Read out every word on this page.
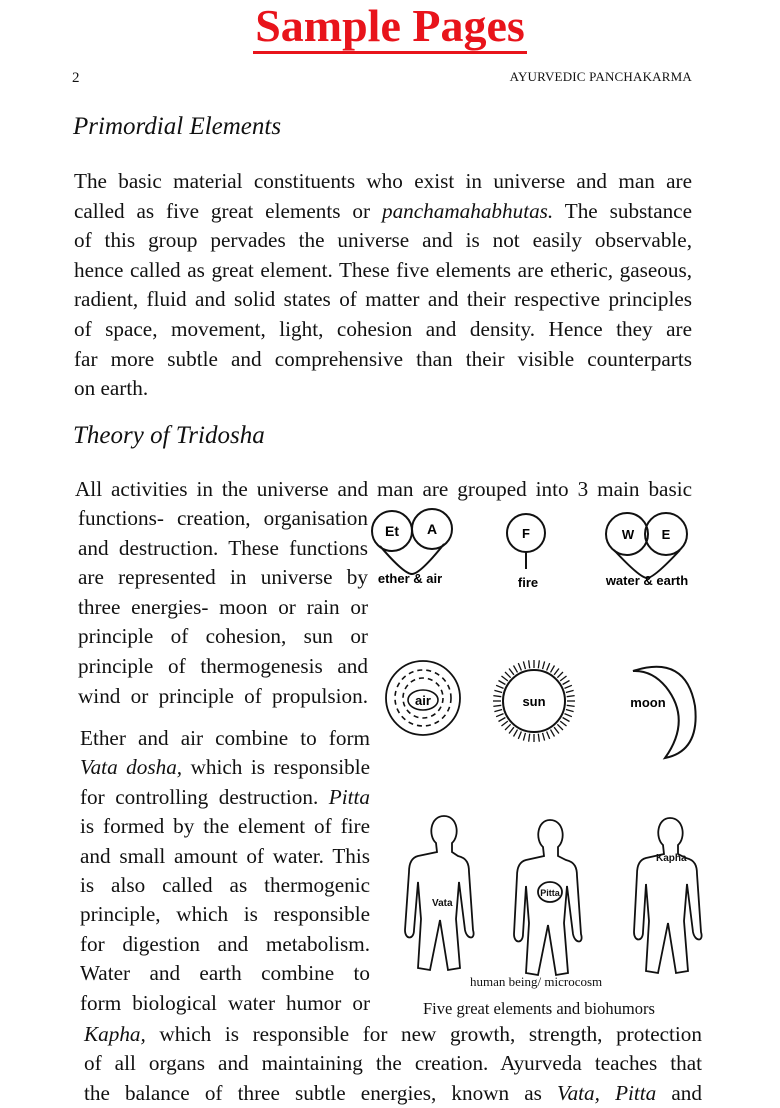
Sample Pages
2	AYURVEDIC PANCHAKARMA
Primordial Elements
The basic material constituents who exist in universe and man are
called as five great elements or panchamahabhutas. The substance
of this group pervades the universe and is not easily observable,
hence called as great element. These five elements are etheric, gaseous,
radient, fluid and solid states of matter and their respective principles
of space, movement, light, cohesion and density. Hence they are
far more subtle and comprehensive than their visible counterparts
on earth.
Theory of Tridosha
All activities in the universe and man are grouped into 3 main basic
functions- creation, organisation
and destruction. These functions
are represented in universe by
three energies- moon or rain or
principle of cohesion, sun or
principle of thermogenesis and
wind or principle of propulsion.
Ether and air combine to form
Vata dosha, which is responsible
for controlling destruction. Pitta
is formed by the element of fire
and small amount of water. This
is also called as thermogenic
principle, which is responsible
for digestion and metabolism.
Water and earth combine to
form biological water humor or
Kapha, which is responsible for new growth, strength, protection
of all organs and maintaining the creation. Ayurveda teaches that
the balance of three subtle energies, known as Vata, Pitta and
Et A
ether & air
F
fire
W E
water & earth
air	sun	moon
Vata
Pitta
Kapha
human being/ microcosm
Five great elements and biohumors
